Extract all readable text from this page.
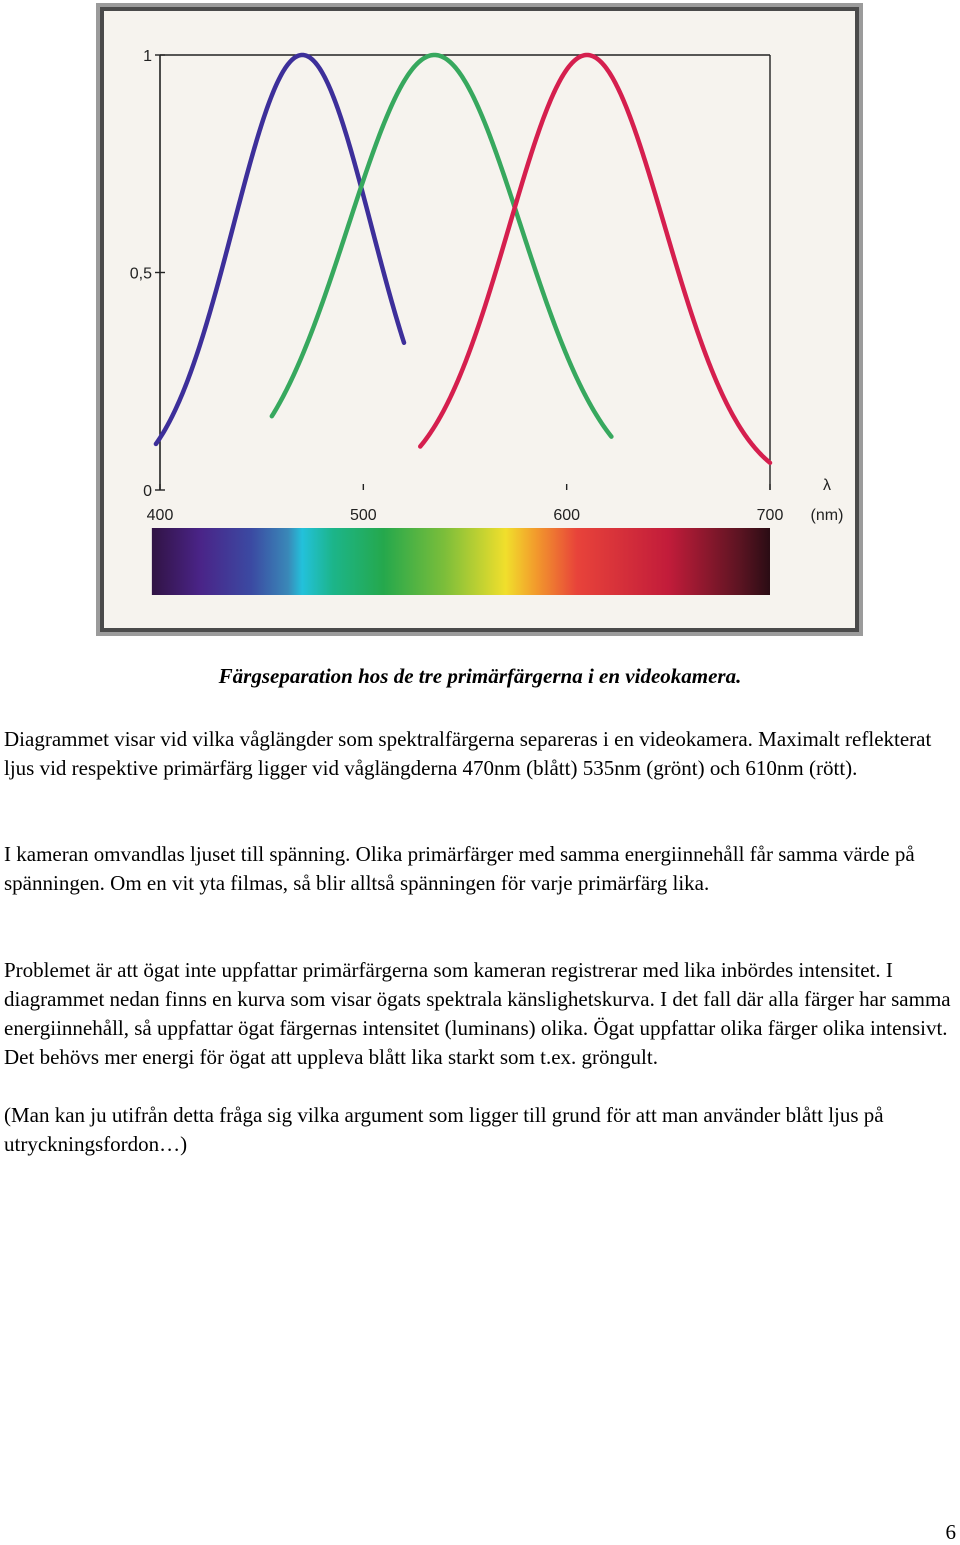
0
0,5
1
400	500	600	700
λ
(nm)
Färgseparation hos de tre primärfärgerna i en videokamera.

Diagrammet visar vid vilka våglängder som spektralfärgerna separeras i en videokamera. Maximalt reflekterat ljus vid respektive primärfärg ligger vid våglängderna 470nm (blått) 535nm (grönt) och 610nm (rött).

I kameran omvandlas ljuset till spänning. Olika primärfärger med samma energiinnehåll får samma värde på spänningen. Om en vit yta filmas, så blir alltså spänningen för varje primärfärg lika.

Problemet är att ögat inte uppfattar primärfärgerna som kameran registrerar med lika inbördes intensitet. I diagrammet nedan finns en kurva som visar ögats spektrala känslighetskurva. I det fall där alla färger har samma energiinnehåll, så uppfattar ögat färgernas intensitet (luminans) olika. Ögat uppfattar olika färger olika intensivt. Det behövs mer energi för ögat att uppleva blått lika starkt som t.ex. gröngult.

(Man kan ju utifrån detta fråga sig vilka argument som ligger till grund för att man använder blått ljus på utryckningsfordon…)

6
